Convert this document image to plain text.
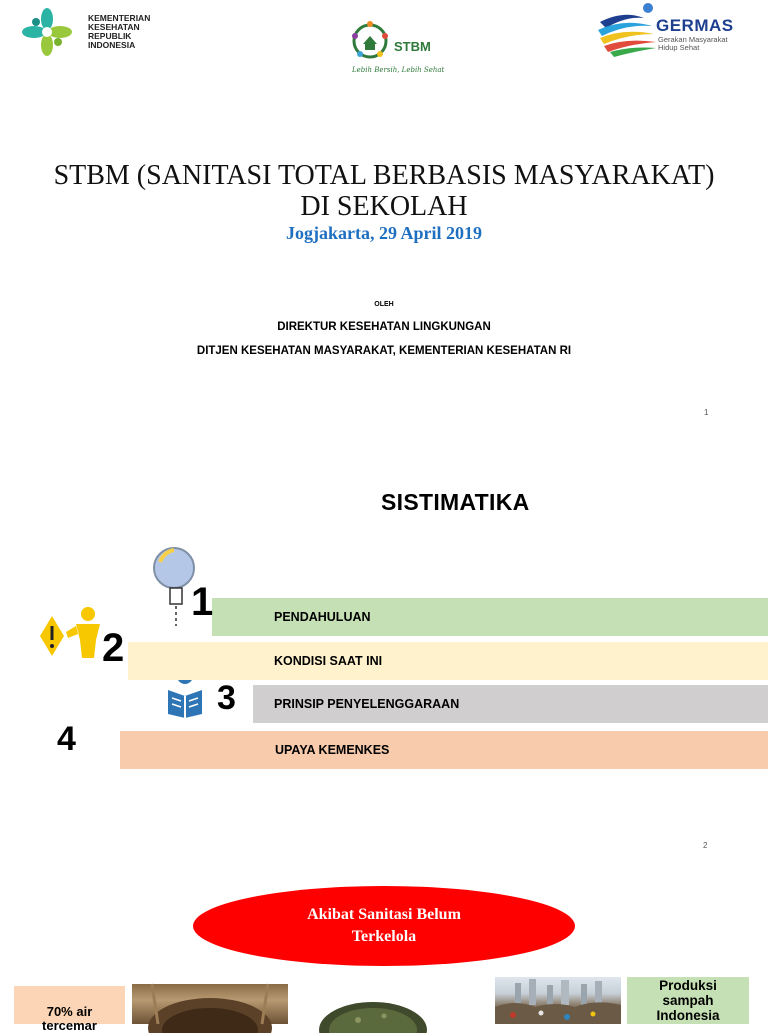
KEMENTERIAN
KESEHATAN
REPUBLIK
INDONESIA	STBM
Lebih Bersih, Lebih Sehat
GERMAS
Gerakan Masyarakat
Hidup Sehat
STBM (SANITASI TOTAL BERBASIS MASYARAKAT)
DI SEKOLAH
Jogjakarta, 29 April 2019
OLEH
DIREKTUR KESEHATAN LINGKUNGAN
DITJEN KESEHATAN MASYARAKAT, KEMENTERIAN KESEHATAN RI
1
SISTIMATIKA
PENDAHULUAN
KONDISI SAAT INI
PRINSIP PENYELENGGARAAN
UPAYA KEMENKES
1
2
3
4
2
Akibat Sanitasi Belum
Terkelola
70% air
tercemar
Produksi
sampah
Indonesia
